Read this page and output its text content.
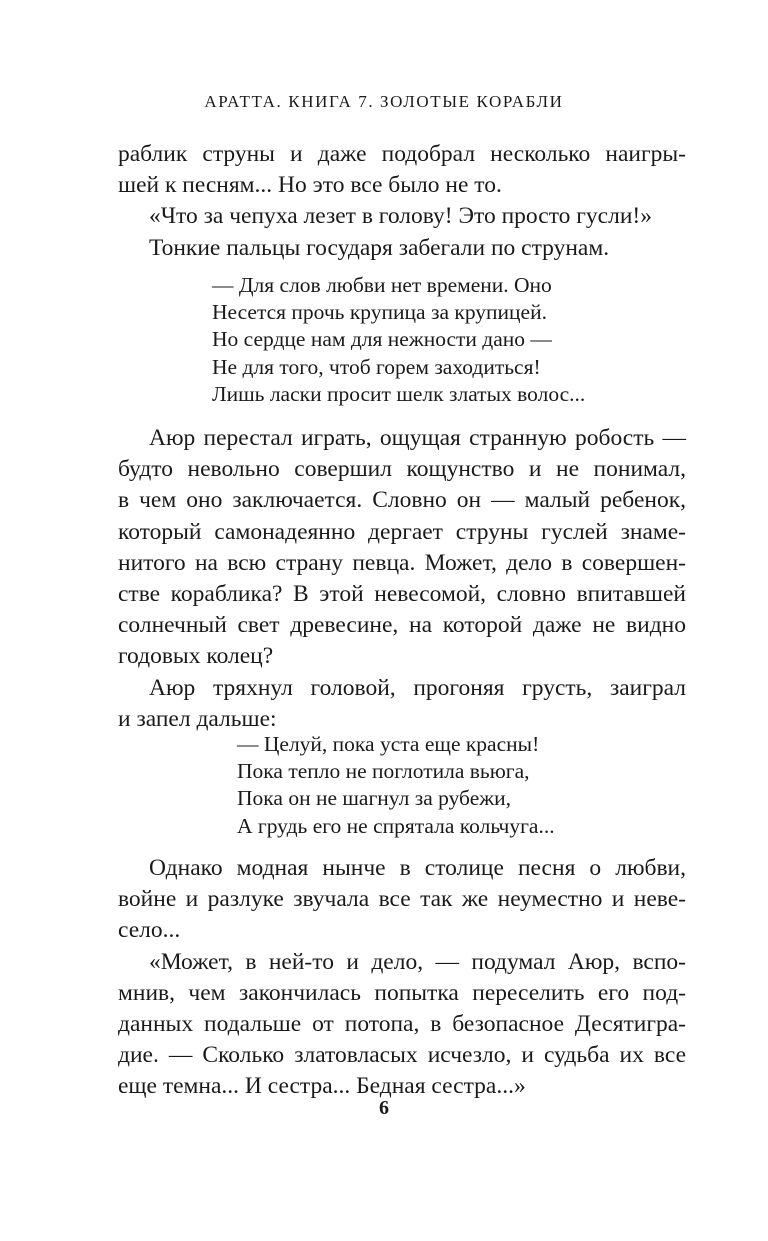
АРАТТА. КНИГА 7. ЗОЛОТЫЕ КОРАБЛИ
раблик струны и даже подобрал несколько наигры-
шей к песням... Но это все было не то.
«Что за чепуха лезет в голову! Это просто гусли!»
Тонкие пальцы государя забегали по струнам.
— Для слов любви нет времени. Оно
Несется прочь крупица за крупицей.
Но сердце нам для нежности дано —
Не для того, чтоб горем заходиться!
Лишь ласки просит шелк златых волос...
Аюр перестал играть, ощущая странную робость —
будто невольно совершил кощунство и не понимал,
в чем оно заключается. Словно он — малый ребенок,
который самонадеянно дергает струны гуслей знаме-
нитого на всю страну певца. Может, дело в совершен-
стве кораблика? В этой невесомой, словно впитавшей
солнечный свет древесине, на которой даже не видно
годовых колец?
Аюр тряхнул головой, прогоняя грусть, заиграл
и запел дальше:
— Целуй, пока уста еще красны!
Пока тепло не поглотила вьюга,
Пока он не шагнул за рубежи,
А грудь его не спрятала кольчуга...
Однако модная нынче в столице песня о любви,
войне и разлуке звучала все так же неуместно и неве-
село...
«Может, в ней-то и дело, — подумал Аюр, вспо-
мнив, чем закончилась попытка переселить его под-
данных подальше от потопа, в безопасное Десятигра-
дие. — Сколько златовласых исчезло, и судьба их все
еще темна... И сестра... Бедная сестра...»
6
